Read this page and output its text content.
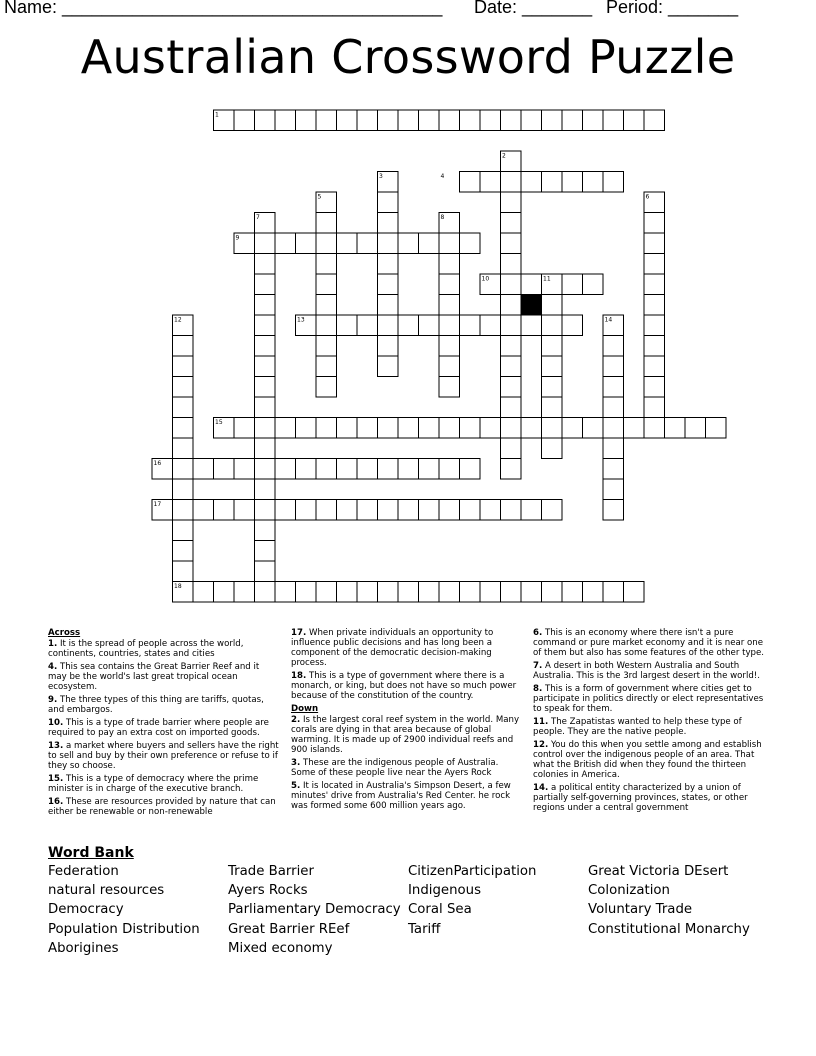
Name: ______________________________________ Date: _______ Period: _______
Australian Crossword Puzzle
1
2
3	4
5	6
7	8
9
10	11
12	13	14
15
16
17
18
Across
1. It is the spread of people across the world, continents, countries, states and cities
4. This sea contains the Great Barrier Reef and it may be the world's last great tropical ocean ecosystem.
9. The three types of this thing are tariffs, quotas, and embargos.
10. This is a type of trade barrier where people are required to pay an extra cost on imported goods.
13. a market where buyers and sellers have the right to sell and buy by their own preference or refuse to if they so choose.
15. This is a type of democracy where the prime minister is in charge of the executive branch.
16. These are resources provided by nature that can either be renewable or non-renewable
17. When private individuals an opportunity to influence public decisions and has long been a component of the democratic decision-making process.
18. This is a type of government where there is a monarch, or king, but does not have so much power because of the constitution of the country.
Down
2. Is the largest coral reef system in the world. Many corals are dying in that area because of global warming. It is made up of 2900 individual reefs and 900 islands.
3. These are the indigenous people of Australia. Some of these people live near the Ayers Rock
5. It is located in Australia's Simpson Desert, a few minutes' drive from Australia's Red Center. he rock was formed some 600 million years ago.
6. This is an economy where there isn't a pure command or pure market economy and it is near one of them but also has some features of the other type.
7. A desert in both Western Australia and South Australia. This is the 3rd largest desert in the world!.
8. This is a form of government where cities get to participate in politics directly or elect representatives to speak for them.
11. The Zapatistas wanted to help these type of people. They are the native people.
12. You do this when you settle among and establish control over the indigenous people of an area. That what the British did when they found the thirteen colonies in America.
14. a political entity characterized by a union of partially self-governing provinces, states, or other regions under a central government
Word Bank
Federation
natural resources
Democracy
Population Distribution
Aborigines
Trade Barrier
Ayers Rocks
Parliamentary Democracy
Great Barrier REef
Mixed economy
CitizenParticipation
Indigenous
Coral Sea
Tariff
Great Victoria DEsert
Colonization
Voluntary Trade
Constitutional Monarchy
